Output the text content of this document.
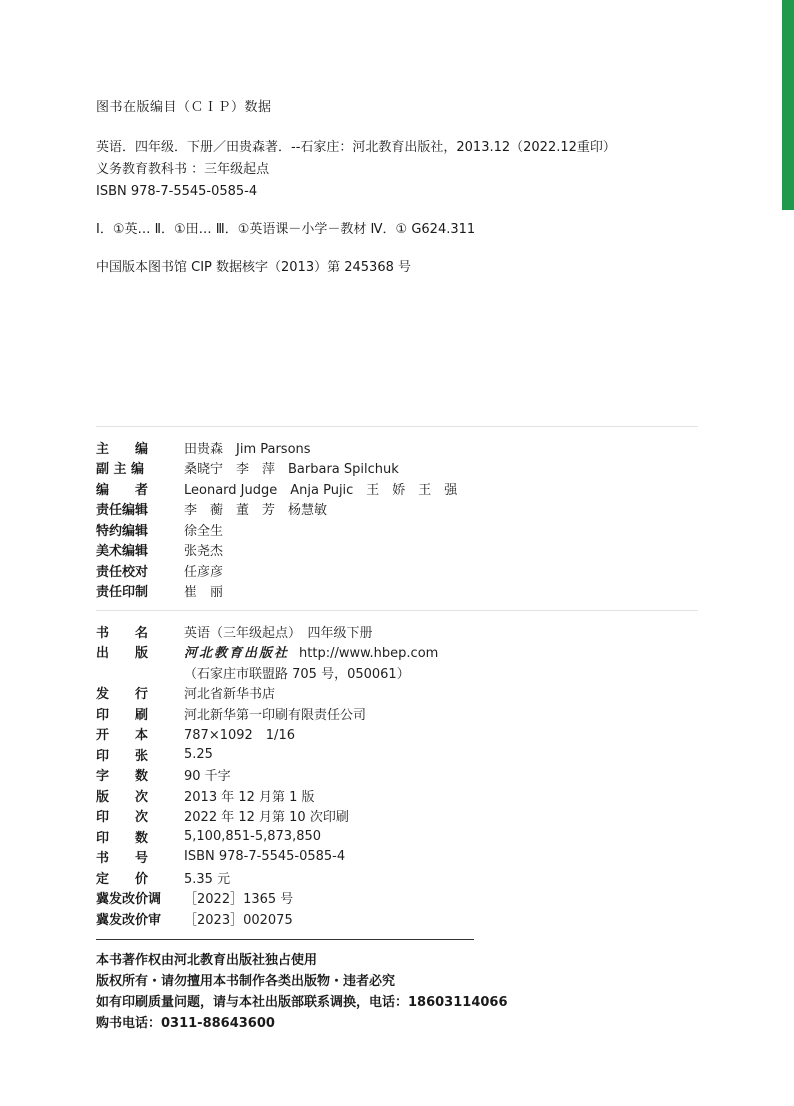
图书在版编目（ＣＩＰ）数据
英语．四年级．下册／田贵森著．--石家庄：河北教育出版社，2013.12（2022.12重印）
义务教育教科书 ：三年级起点
ISBN 978-7-5545-0585-4
Ⅰ．①英… Ⅱ．①田… Ⅲ．①英语课－小学－教材 Ⅳ．① G624.311
中国版本图书馆 CIP 数据核字（2013）第 245368 号
主　　编	田贵森　Jim Parsons
副 主 编	桑晓宁　李　萍　Barbara Spilchuk
编　　者	Leonard Judge　Anja Pujic　王　娇　王　强
责任编辑	李　蘅　董　芳　杨慧敏
特约编辑	徐全生
美术编辑	张尧杰
责任校对	任彦彦
责任印制	崔　丽
书　　名	英语（三年级起点）　四年级下册
出　　版	河北教育出版社 http://www.hbep.com
（石家庄市联盟路 705 号，050061）
发　　行	河北省新华书店
印　　刷	河北新华第一印刷有限责任公司
开　　本	787×1092　1/16
印　　张	5.25
字　　数	90 千字
版　　次	2013 年 12 月第 1 版
印　　次	2022 年 12 月第 10 次印刷
印　　数	5,100,851-5,873,850
书　　号	ISBN 978-7-5545-0585-4
定　　价	5.35 元
冀发改价调	［2022］1365 号
冀发改价审	［2023］002075
本书著作权由河北教育出版社独占使用
版权所有・请勿擅用本书制作各类出版物・违者必究
如有印刷质量问题，请与本社出版部联系调换，电话：18603114066
购书电话：0311-88643600
